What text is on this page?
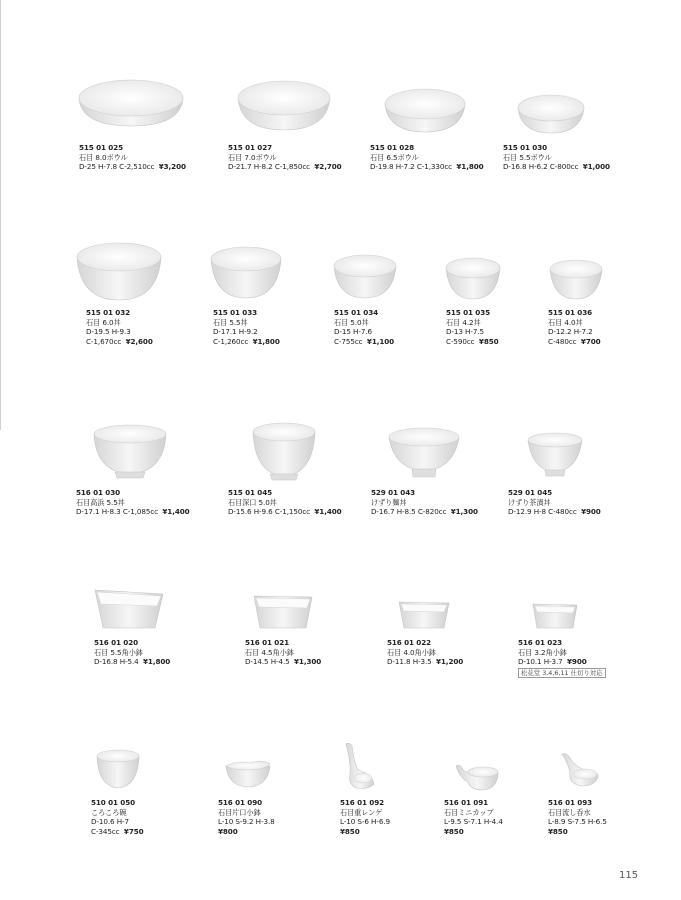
515 01 025
石目 8.0ボウル
D-25 H-7.8 C-2,510cc ¥3,200
515 01 027
石目 7.0ボウル
D-21.7 H-8.2 C-1,850cc ¥2,700
515 01 028
石目 6.5ボウル
D-19.8 H-7.2 C-1,330cc ¥1,800
515 01 030
石目 5.5ボウル
D-16.8 H-6.2 C-800cc ¥1,000
515 01 032
石目 6.0丼
D-19.5 H-9.3
C-1,670cc ¥2,600
515 01 033
石目 5.5丼
D-17.1 H-9.2
C-1,260cc ¥1,800
515 01 034
石目 5.0丼
D-15 H-7.6
C-755cc ¥1,100
515 01 035
石目 4.2丼
D-13 H-7.5
C-590cc ¥850
515 01 036
石目 4.0丼
D-12.2 H-7.2
C-480cc ¥700
516 01 030
石目高浜 5.5丼
D-17.1 H-8.3 C-1,085cc ¥1,400
515 01 045
石目深口 5.0丼
D-15.6 H-9.6 C-1,150cc ¥1,400
529 01 043
けずり麺丼
D-16.7 H-8.5 C-820cc ¥1,300
529 01 045
けずり茶漬丼
D-12.9 H-8 C-480cc ¥900
516 01 020
石目 5.5角小鉢
D-16.8 H-5.4 ¥1,800
516 01 021
石目 4.5角小鉢
D-14.5 H-4.5 ¥1,300
516 01 022
石目 4.0角小鉢
D-11.8 H-3.5 ¥1,200
516 01 023
石目 3.2角小鉢
D-10.1 H-3.7 ¥900
松花堂 3,4,6,11 仕切り対応
510 01 050
ころころ碗
D-10.6 H-7
C-345cc ¥750
516 01 090
石目片口小鉢
L-10 S-9.2 H-3.8
¥800
516 01 092
石目重レンゲ
L-10 S-6 H-6.9
¥850
516 01 091
石目ミニカップ
L-9.5 S-7.1 H-4.4
¥850
516 01 093
石目流し呑水
L-8.9 S-7.5 H-6.5
¥850
115
